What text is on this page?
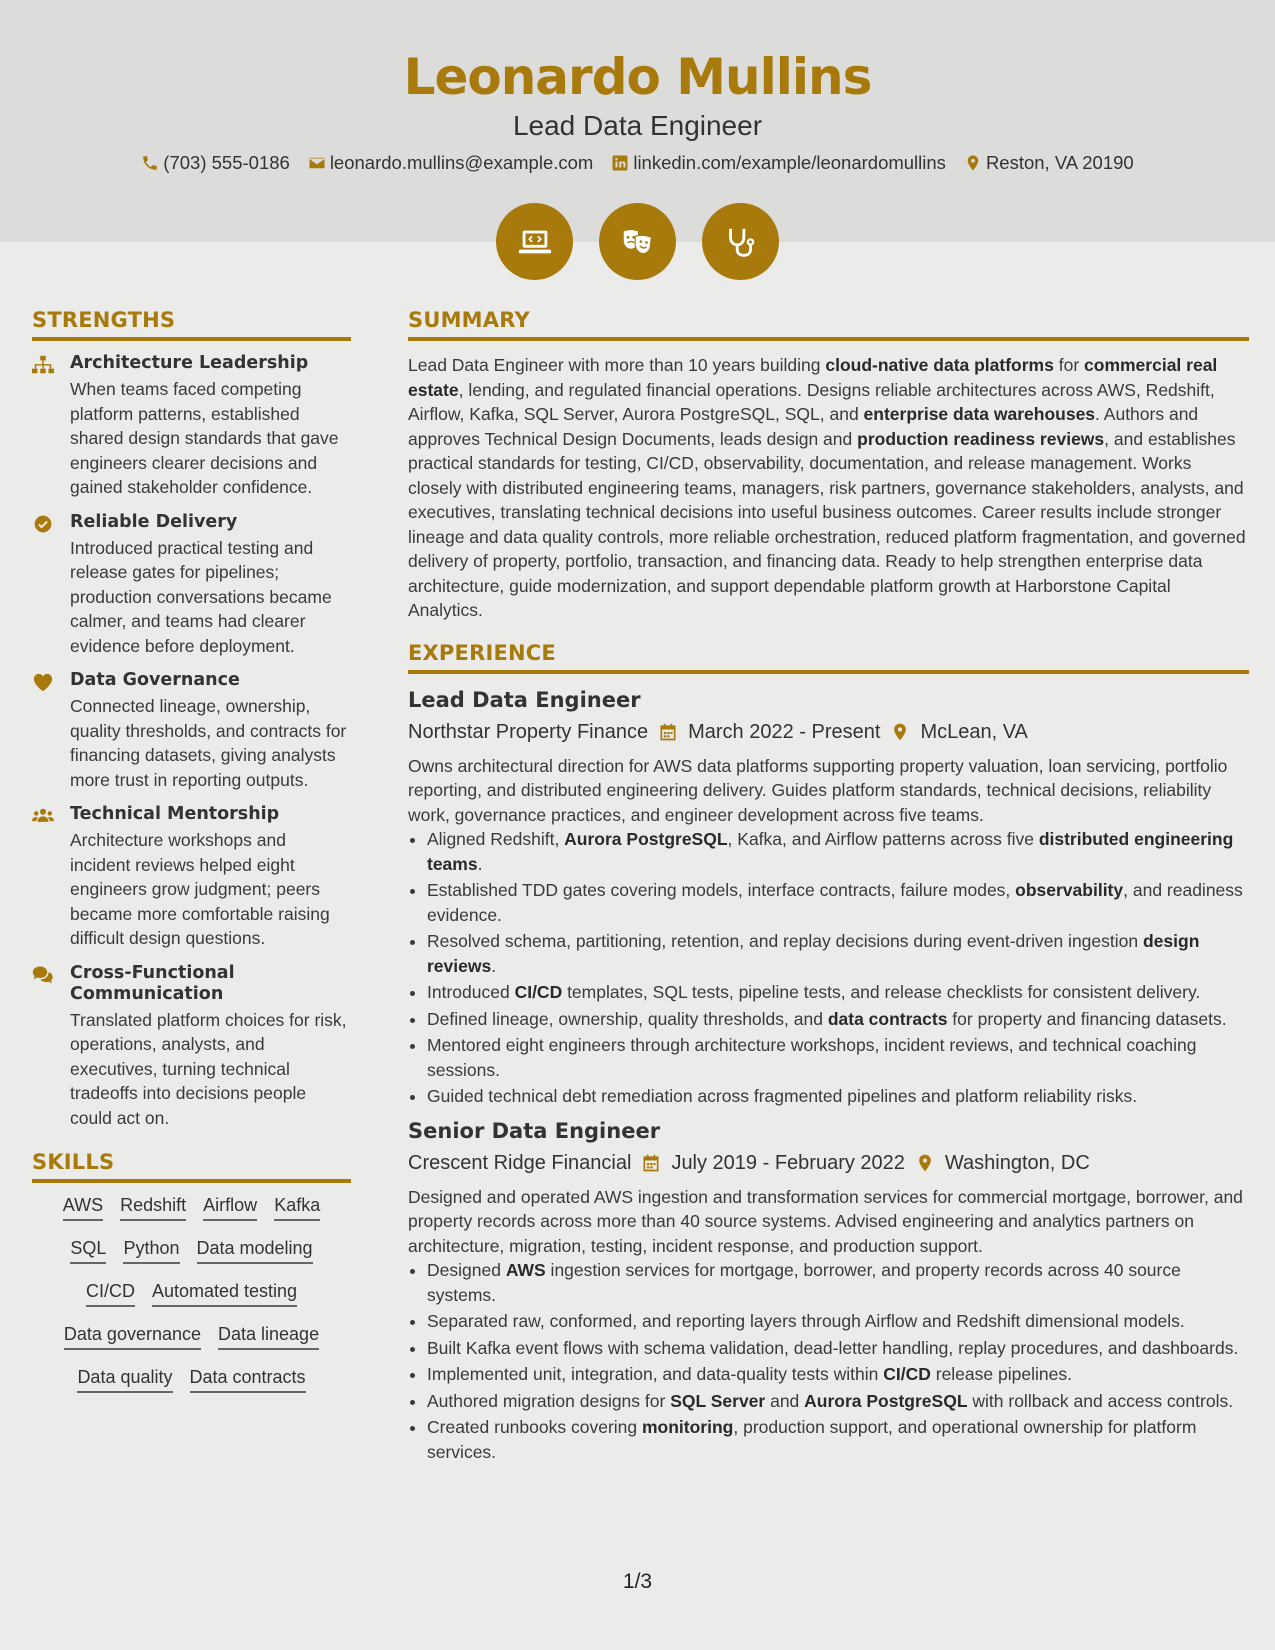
Leonardo Mullins
Lead Data Engineer
(703) 555-0186 leonardo.mullins@example.com linkedin.com/example/leonardomullins Reston, VA 20190
STRENGTHS
Architecture Leadership

When teams faced competing platform patterns, established shared design standards that gave engineers clearer decisions and gained stakeholder confidence.

Reliable Delivery

Introduced practical testing and release gates for pipelines; production conversations became calmer, and teams had clearer evidence before deployment.

Data Governance

Connected lineage, ownership, quality thresholds, and contracts for financing datasets, giving analysts more trust in reporting outputs.

Technical Mentorship

Architecture workshops and incident reviews helped eight engineers grow judgment; peers became more comfortable raising difficult design questions.

Cross-Functional Communication

Translated platform choices for risk, operations, analysts, and executives, turning technical tradeoffs into decisions people could act on.

SKILLS
AWS Redshift Airflow Kafka
SQL Python Data modeling
CI/CD Automated testing
Data governance Data lineage
Data quality Data contracts
SUMMARY

Lead Data Engineer with more than 10 years building cloud-native data platforms for commercial real estate, lending, and regulated financial operations. Designs reliable architectures across AWS, Redshift, Airflow, Kafka, SQL Server, Aurora PostgreSQL, SQL, and enterprise data warehouses. Authors and approves Technical Design Documents, leads design and production readiness reviews, and establishes practical standards for testing, CI/CD, observability, documentation, and release management. Works closely with distributed engineering teams, managers, risk partners, governance stakeholders, analysts, and executives, translating technical decisions into useful business outcomes. Career results include stronger lineage and data quality controls, more reliable orchestration, reduced platform fragmentation, and governed delivery of property, portfolio, transaction, and financing data. Ready to help strengthen enterprise data architecture, guide modernization, and support dependable platform growth at Harborstone Capital Analytics.

EXPERIENCE
Lead Data Engineer
Northstar Property Finance March 2022 - Present McLean, VA

Owns architectural direction for AWS data platforms supporting property valuation, loan servicing, portfolio reporting, and distributed engineering delivery. Guides platform standards, technical decisions, reliability work, governance practices, and engineer development across five teams.

• Aligned Redshift, Aurora PostgreSQL, Kafka, and Airflow patterns across five distributed engineering teams.
• Established TDD gates covering models, interface contracts, failure modes, observability, and readiness evidence.
• Resolved schema, partitioning, retention, and replay decisions during event-driven ingestion design reviews.
• Introduced CI/CD templates, SQL tests, pipeline tests, and release checklists for consistent delivery.
• Defined lineage, ownership, quality thresholds, and data contracts for property and financing datasets.
• Mentored eight engineers through architecture workshops, incident reviews, and technical coaching sessions.
• Guided technical debt remediation across fragmented pipelines and platform reliability risks.
Senior Data Engineer
Crescent Ridge Financial July 2019 - February 2022 Washington, DC

Designed and operated AWS ingestion and transformation services for commercial mortgage, borrower, and property records across more than 40 source systems. Advised engineering and analytics partners on architecture, migration, testing, incident response, and production support.

• Designed AWS ingestion services for mortgage, borrower, and property records across 40 source systems.
• Separated raw, conformed, and reporting layers through Airflow and Redshift dimensional models.
• Built Kafka event flows with schema validation, dead-letter handling, replay procedures, and dashboards.
• Implemented unit, integration, and data-quality tests within CI/CD release pipelines.
• Authored migration designs for SQL Server and Aurora PostgreSQL with rollback and access controls.
• Created runbooks covering monitoring, production support, and operational ownership for platform services.
1/3
